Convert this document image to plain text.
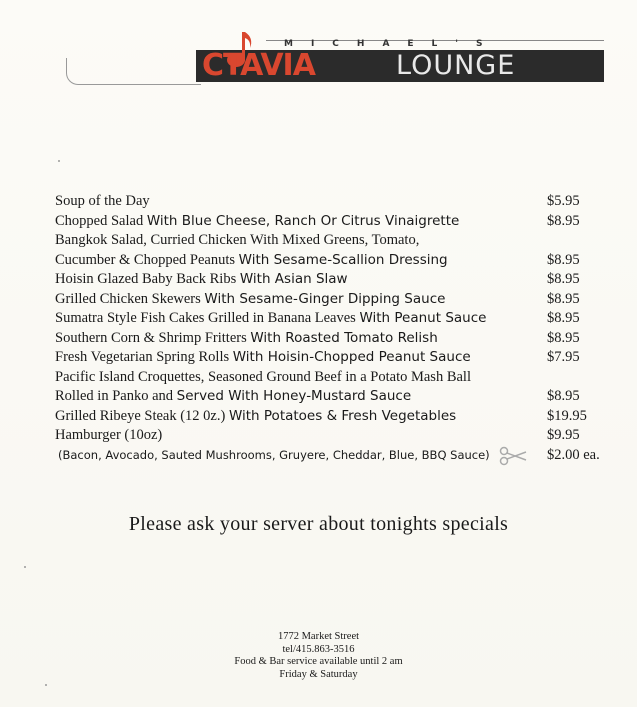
MICHAEL'S
CTAVIA	LOUNGE
Soup of the Day	$5.95
Chopped Salad With Blue Cheese, Ranch Or Citrus Vinaigrette	$8.95
Bangkok Salad, Curried Chicken With Mixed Greens, Tomato,
Cucumber & Chopped Peanuts With Sesame-Scallion Dressing	$8.95
Hoisin Glazed Baby Back Ribs With Asian Slaw	$8.95
Grilled Chicken Skewers With Sesame-Ginger Dipping Sauce	$8.95
Sumatra Style Fish Cakes Grilled in Banana Leaves With Peanut Sauce	$8.95
Southern Corn & Shrimp Fritters With Roasted Tomato Relish	$8.95
Fresh Vegetarian Spring Rolls With Hoisin-Chopped Peanut Sauce	$7.95
Pacific Island Croquettes, Seasoned Ground Beef in a Potato Mash Ball
Rolled in Panko and Served With Honey-Mustard Sauce	$8.95
Grilled Ribeye Steak (12 0z.) With Potatoes & Fresh Vegetables	$19.95
Hamburger (10oz)	$9.95
(Bacon, Avocado, Sauted Mushrooms, Gruyere, Cheddar, Blue, BBQ Sauce)	$2.00 ea.
Please ask your server about tonights specials
1772 Market Street
tel/415.863-3516
Food & Bar service available until 2 am
Friday & Saturday
